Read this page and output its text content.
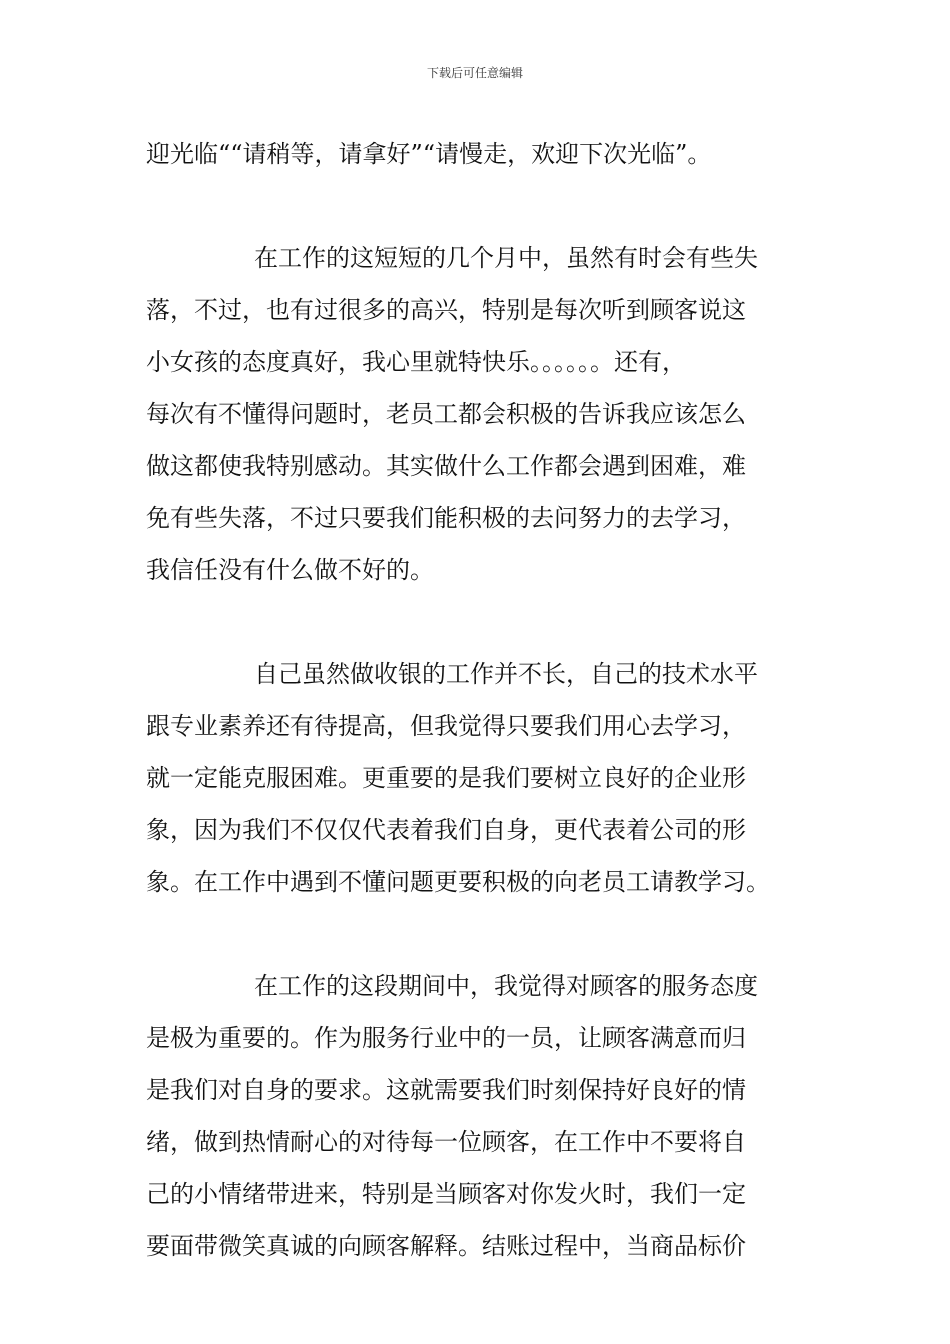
下载后可任意编辑
迎光临““请稍等，请拿好”“请慢走，欢迎下次光临”。
在工作的这短短的几个月中，虽然有时会有些失
落，不过，也有过很多的高兴，特别是每次听到顾客说这
小女孩的态度真好，我心里就特快乐。。。。。。还有，
每次有不懂得问题时，老员工都会积极的告诉我应该怎么
做这都使我特别感动。其实做什么工作都会遇到困难，难
免有些失落，不过只要我们能积极的去问努力的去学习，
我信任没有什么做不好的。
自己虽然做收银的工作并不长，自己的技术水平
跟专业素养还有待提高，但我觉得只要我们用心去学习，
就一定能克服困难。更重要的是我们要树立良好的企业形
象，因为我们不仅仅代表着我们自身，更代表着公司的形
象。在工作中遇到不懂问题更要积极的向老员工请教学习。
在工作的这段期间中，我觉得对顾客的服务态度
是极为重要的。作为服务行业中的一员，让顾客满意而归
是我们对自身的要求。这就需要我们时刻保持好良好的情
绪，做到热情耐心的对待每一位顾客，在工作中不要将自
己的小情绪带进来，特别是当顾客对你发火时，我们一定
要面带微笑真诚的向顾客解释。结账过程中，当商品标价
